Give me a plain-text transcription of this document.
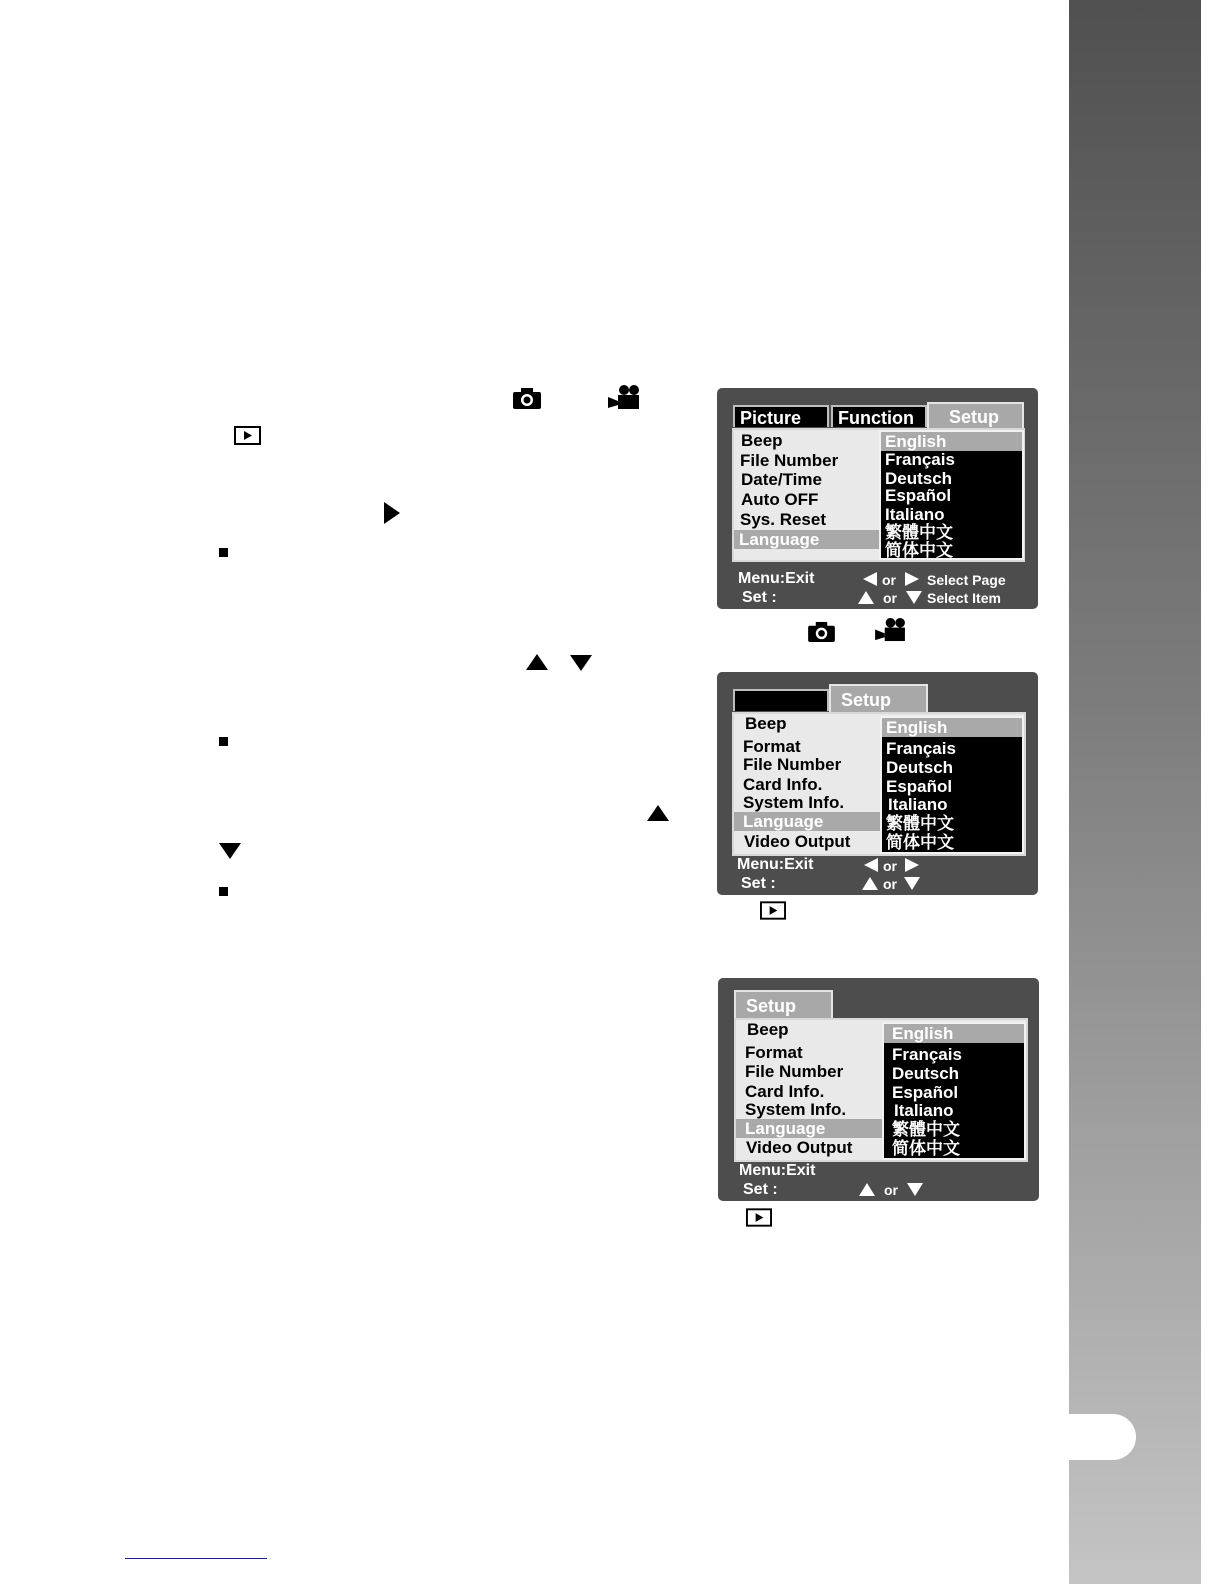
Picture	Function	Setup
Beep
File Number
Date/Time
Auto OFF
Sys. Reset
Language
English
Français
Deutsch
Español
Italiano
繁體中文
简体中文
Menu:Exit
Set :
or Select Page
or Select Item
Setup
Beep
Format
File Number
Card Info.
System Info.
Language
Video Output
English
Français
Deutsch
Español
Italiano
繁體中文
简体中文
Menu:Exit
Set :
or
or
Setup
Beep
Format
File Number
Card Info.
System Info.
Language
Video Output
English
Français
Deutsch
Español
Italiano
繁體中文
简体中文
Menu:Exit
Set :	or
